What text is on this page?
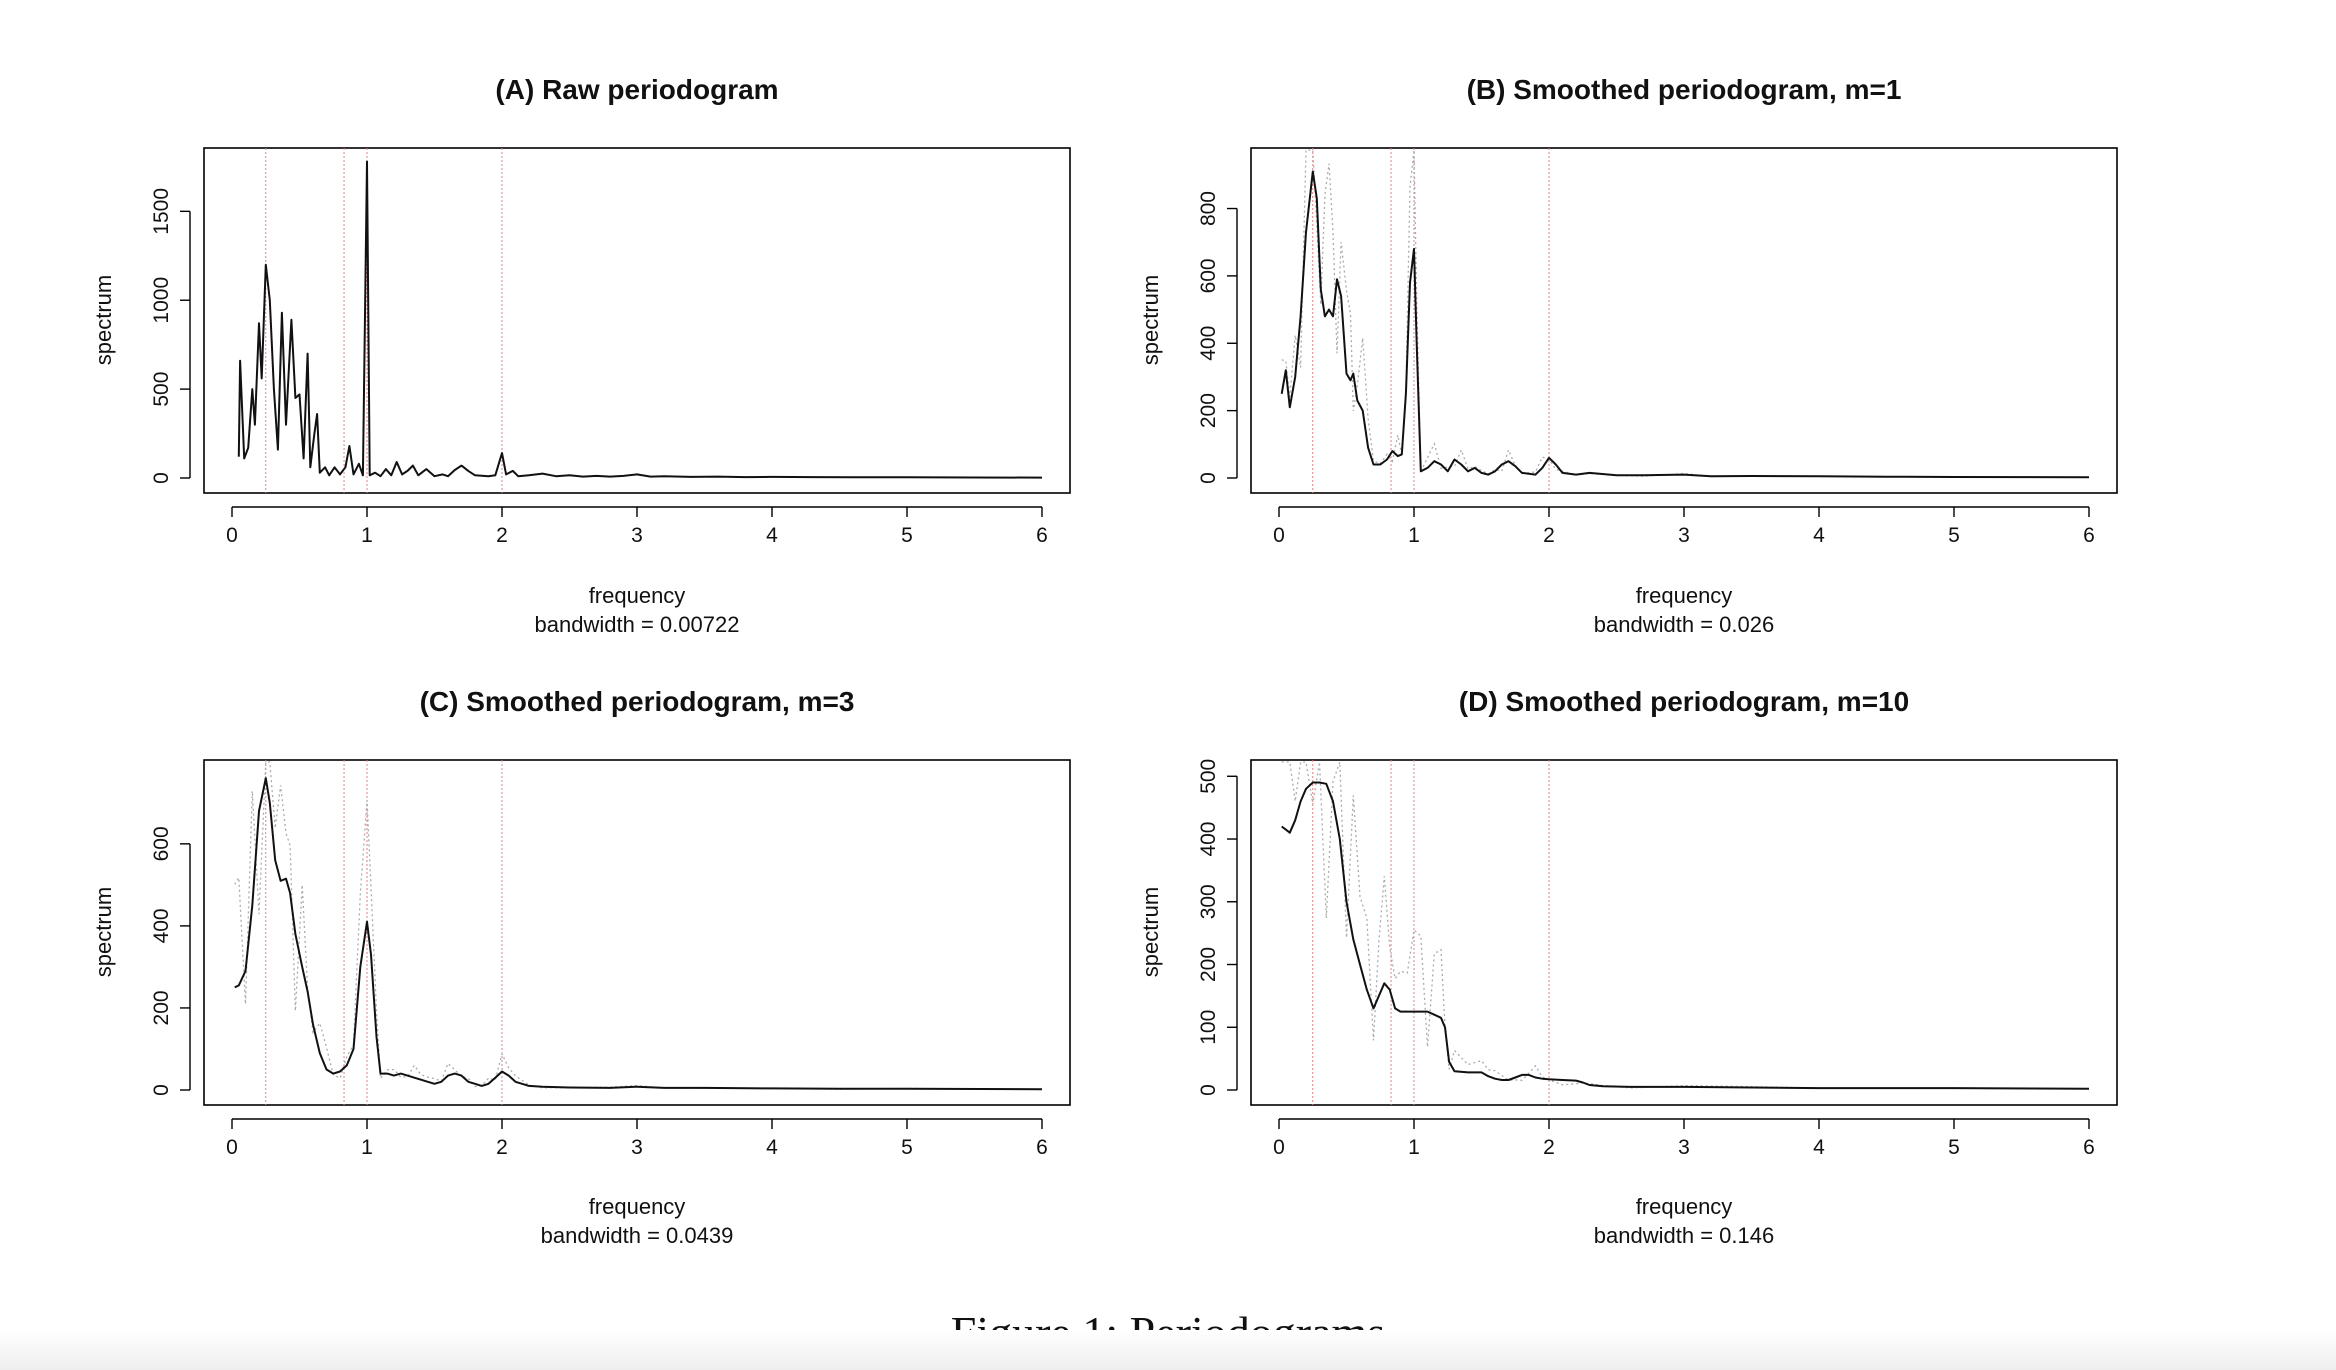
(A) Raw periodogram
frequency
bandwidth = 0.00722
spectrum
0	1	2	3	4	5	6
0
500
1000
1500
(B) Smoothed periodogram, m=1
frequency
bandwidth = 0.026
spectrum
0	1	2	3	4	5	6
0
200
400
600
800
(C) Smoothed periodogram, m=3
frequency
bandwidth = 0.0439
spectrum
0	1	2	3	4	5	6
0
200
400
600
(D) Smoothed periodogram, m=10
frequency
bandwidth = 0.146
spectrum
0	1	2	3	4	5	6
0
100
200
300
400
500
